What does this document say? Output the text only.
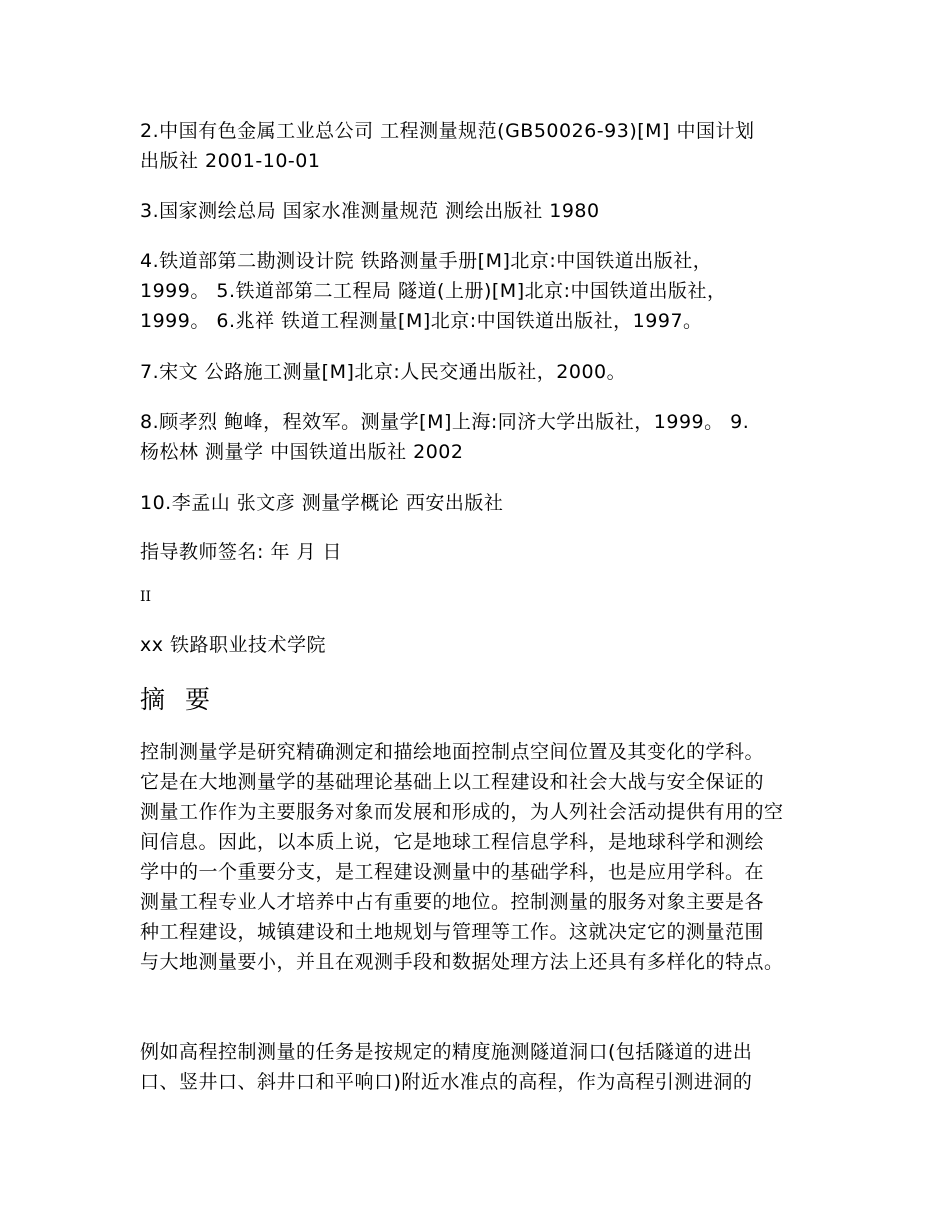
2.中国有色金属工业总公司 工程测量规范(GB50026-93)[M] 中国计划
出版社 2001-10-01

3.国家测绘总局 国家水准测量规范 测绘出版社 1980

4.铁道部第二勘测设计院 铁路测量手册[M]北京:中国铁道出版社，
1999。 5.铁道部第二工程局 隧道(上册)[M]北京:中国铁道出版社，
1999。 6.兆祥 铁道工程测量[M]北京:中国铁道出版社，1997。

7.宋文 公路施工测量[M]北京:人民交通出版社，2000。

8.顾孝烈 鲍峰，程效军。测量学[M]上海:同济大学出版社，1999。 9.
杨松林 测量学 中国铁道出版社 2002

10.李孟山 张文彦 测量学概论 西安出版社

指导教师签名: 年 月 日

II

xx 铁路职业技术学院

摘 要

控制测量学是研究精确测定和描绘地面控制点空间位置及其变化的学科。
它是在大地测量学的基础理论基础上以工程建设和社会大战与安全保证的
测量工作作为主要服务对象而发展和形成的，为人列社会活动提供有用的空
间信息。因此，以本质上说，它是地球工程信息学科，是地球科学和测绘
学中的一个重要分支，是工程建设测量中的基础学科，也是应用学科。在
测量工程专业人才培养中占有重要的地位。控制测量的服务对象主要是各
种工程建设，城镇建设和土地规划与管理等工作。这就决定它的测量范围
与大地测量要小，并且在观测手段和数据处理方法上还具有多样化的特点。

例如高程控制测量的任务是按规定的精度施测隧道洞口(包括隧道的进出
口、竖井口、斜井口和平响口)附近水准点的高程，作为高程引测进洞的
